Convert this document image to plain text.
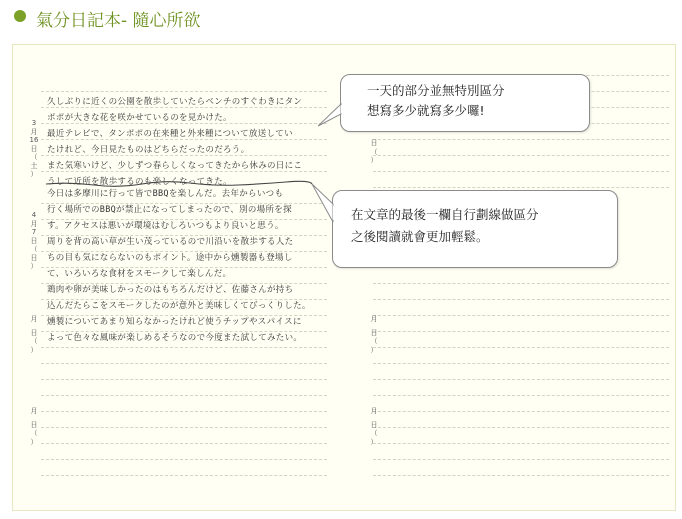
氣分日記本- 隨心所欲
3
月
16
日
（
土
）
久しぶりに近くの公園を散歩していたらベンチのすぐわきにタン
ポポが大きな花を咲かせているのを見かけた。
最近テレビで、タンポポの在来種と外来種について放送してい
たけれど、今日見たものはどちらだったのだろう。
また気寒いけど、少しずつ春らしくなってきたから休みの日にこ
うして近所を散歩するのも楽しくなってきた。
4
月
7
日
（
日
）
今日は多摩川に行って皆でBBQを楽しんだ。去年からいつも
行く場所でのBBQが禁止になってしまったので、別の場所を探
す。アクセスは悪いが環境はむしろいつもより良いと思う。
周りを背の高い草が生い茂っているので川沿いを散歩する人た
ちの目も気にならないのもポイント。途中から燻製器も登場し
て、いろいろな食材をスモークして楽しんだ。
鶏肉や卵が美味しかったのはもちろんだけど、佐藤さんが持ち
込んだたらこをスモークしたのが意外と美味しくてびっくりした。
燻製についてあまり知らなかったけれど使うチップやスパイスに
よって色々な風味が楽しめるそうなので今度また試してみたい。
月
日
（
）
月
日
（
）
日
（
）
月
日
（
）
月
日
（
）
一天的部分並無特別區分
想寫多少就寫多少囉!
在文章的最後一欄自行劃線做區分
之後閱讀就會更加輕鬆。
